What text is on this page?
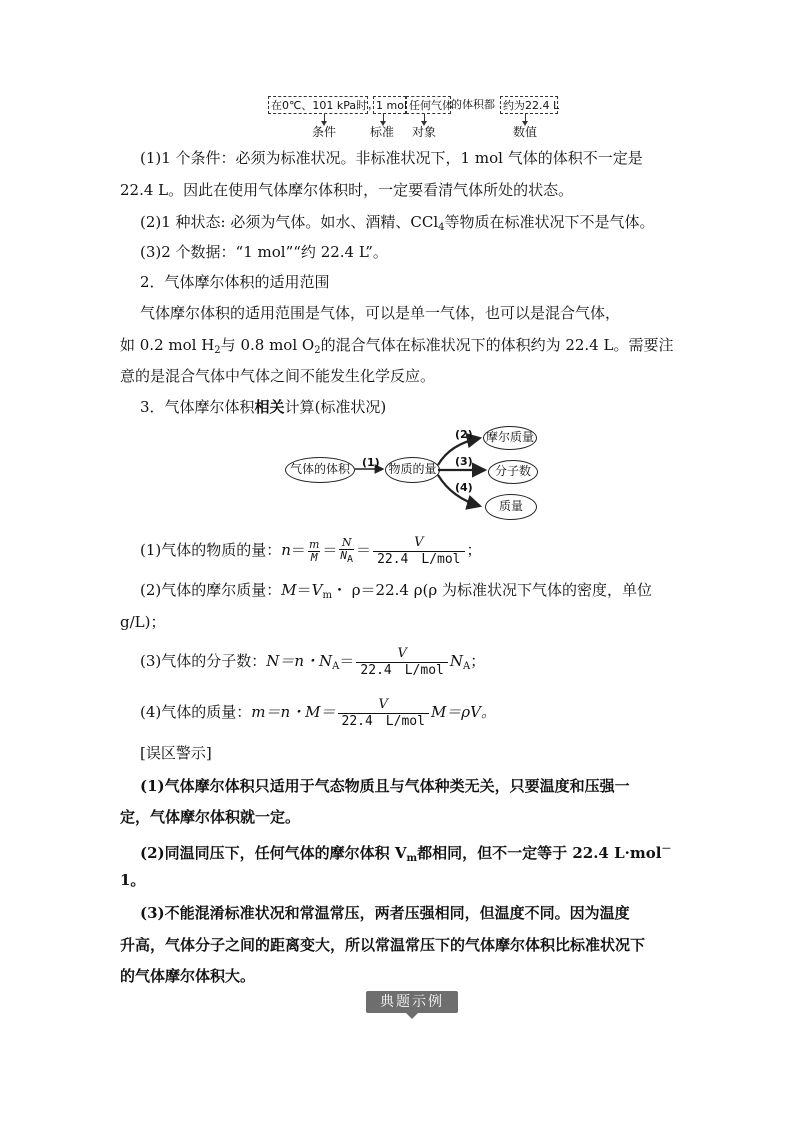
在0℃、101 kPa时 ，
1 mol 任何气体
的体积都 约为22.4 L
条件	标准 对象	数值
(1)1 个条件：必须为标准状况。非标准状况下，1 mol 气体的体积不一定是
22.4 L。因此在使用气体摩尔体积时，一定要看清气体所处的状态。
(2)1 种状态: 必须为气体。如水、酒精、CCl$_4$等物质在标准状况下不是气体。
(3)2 个数据：“1 mol”“约 22.4 L”。
2．气体摩尔体积的适用范围
气体摩尔体积的适用范围是气体，可以是单一气体，也可以是混合气体，
如 0.2 mol $H_2$与 0.8 mol $O_2$的混合气体在标准状况下的体积约为 22.4 L。需要注
意的是混合气体中气体之间不能发生化学反应。
3．气体摩尔体积相关计算(标准状况)
气体的体积	物质的量
摩尔质量
分子数
质量
(1)
(2)
(3)
(4)
(1)气体的物质的量：$n= \frac{m}{M} = \frac{N}{NA} = \frac{V}{\text{22.4　L/mol}}$ ；
(2)气体的摩尔质量：$M=V_m$・ ρ＝22.4 ρ(ρ 为标准状况下气体的密度，单位
g/L)；
(3)气体的分子数：N＝n・$N_A= \frac{V}{\text{22.4　L/mol}} N_A$；
(4)气体的质量：m＝n・$M= \frac{V}{\text{22.4　L/mol}} M=\rho V$。
[误区警示]
(1)气体摩尔体积只适用于气态物质且与气体种类无关，只要温度和压强一
定，气体摩尔体积就一定。
(2)同温同压下，任何气体的摩尔体积 $V_m$都相同，但不一定等于 22.4 L·mol－
1。
(3)不能混淆标准状况和常温常压，两者压强相同，但温度不同。因为温度
升高，气体分子之间的距离变大，所以常温常压下的气体摩尔体积比标准状况下
的气体摩尔体积大。
典题示例
